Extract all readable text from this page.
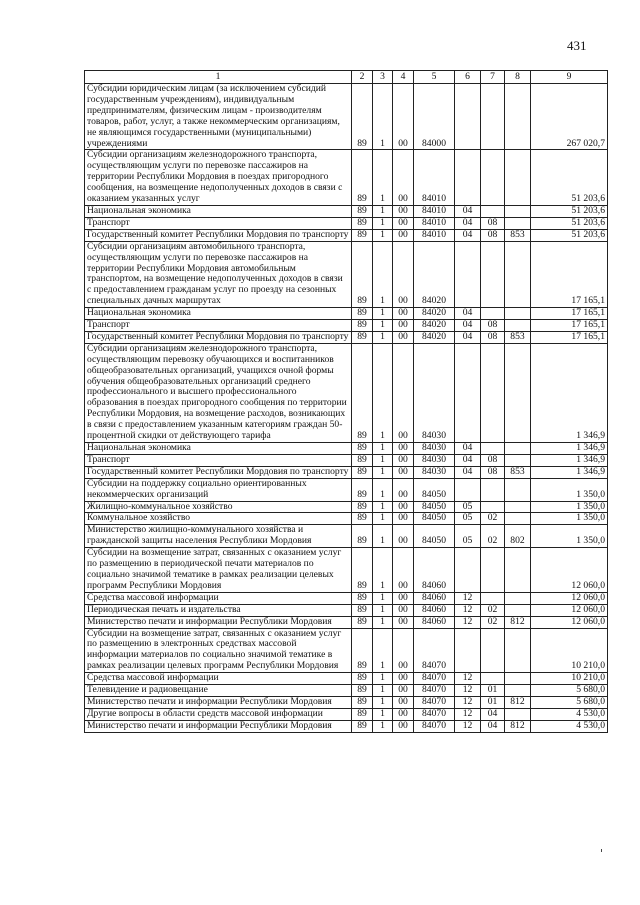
431
1	2	3	4	5	6	7	8	9
Субсидии юридическим лицам (за исключением субсидий государственным учреждениям), индивидуальным предпринимателям, физическим лицам - производителям товаров, работ, услуг, а также некоммерческим организациям, не являющимся государственными (муниципальными) учреждениями	89	1	00	84000				267 020,7
Субсидии организациям железнодорожного транспорта, осуществляющим услуги по перевозке пассажиров на территории Республики Мордовия в поездах пригородного сообщения, на возмещение недополученных доходов в связи с оказанием указанных услуг	89	1	00	84010				51 203,6
Национальная экономика	89	1	00	84010	04			51 203,6
Транспорт	89	1	00	84010	04	08		51 203,6
Государственный комитет Республики Мордовия по транспорту	89	1	00	84010	04	08	853	51 203,6
Субсидии организациям автомобильного транспорта, осуществляющим услуги по перевозке пассажиров на территории Республики Мордовия автомобильным транспортом, на возмещение недополученных доходов в связи с предоставлением гражданам услуг по проезду на сезонных специальных дачных маршрутах	89	1	00	84020				17 165,1
Национальная экономика	89	1	00	84020	04			17 165,1
Транспорт	89	1	00	84020	04	08		17 165,1
Государственный комитет Республики Мордовия по транспорту	89	1	00	84020	04	08	853	17 165,1
Субсидии организациям железнодорожного транспорта, осуществляющим перевозку обучающихся и воспитанников общеобразовательных организаций, учащихся очной формы обучения общеобразовательных организаций среднего профессионального и высшего профессионального образования в поездах пригородного сообщения по территории Республики Мордовия, на возмещение расходов, возникающих в связи с предоставлением указанным категориям граждан 50-процентной скидки от действующего тарифа	89	1	00	84030				1 346,9
Национальная экономика	89	1	00	84030	04			1 346,9
Транспорт	89	1	00	84030	04	08		1 346,9
Государственный комитет Республики Мордовия по транспорту	89	1	00	84030	04	08	853	1 346,9
Субсидии на поддержку социально ориентированных некоммерческих организаций	89	1	00	84050				1 350,0
Жилищно-коммунальное хозяйство	89	1	00	84050	05			1 350,0
Коммунальное хозяйство	89	1	00	84050	05	02		1 350,0
Министерство жилищно-коммунального хозяйства и гражданской защиты населения Республики Мордовия	89	1	00	84050	05	02	802	1 350,0
Субсидии на возмещение затрат, связанных с оказанием услуг по размещению в периодической печати материалов по социально значимой тематике в рамках реализации целевых программ Республики Мордовия	89	1	00	84060				12 060,0
Средства массовой информации	89	1	00	84060	12			12 060,0
Периодическая печать и издательства	89	1	00	84060	12	02		12 060,0
Министерство печати и информации Республики Мордовия	89	1	00	84060	12	02	812	12 060,0
Субсидии на возмещение затрат, связанных с оказанием услуг по размещению в электронных средствах массовой информации материалов по социально значимой тематике в рамках реализации целевых программ Республики Мордовия	89	1	00	84070				10 210,0
Средства массовой информации	89	1	00	84070	12			10 210,0
Телевидение и радиовещание	89	1	00	84070	12	01		5 680,0
Министерство печати и информации Республики Мордовия	89	1	00	84070	12	01	812	5 680,0
Другие вопросы в области средств массовой информации	89	1	00	84070	12	04		4 530,0
Министерство печати и информации Республики Мордовия	89	1	00	84070	12	04	812	4 530,0
